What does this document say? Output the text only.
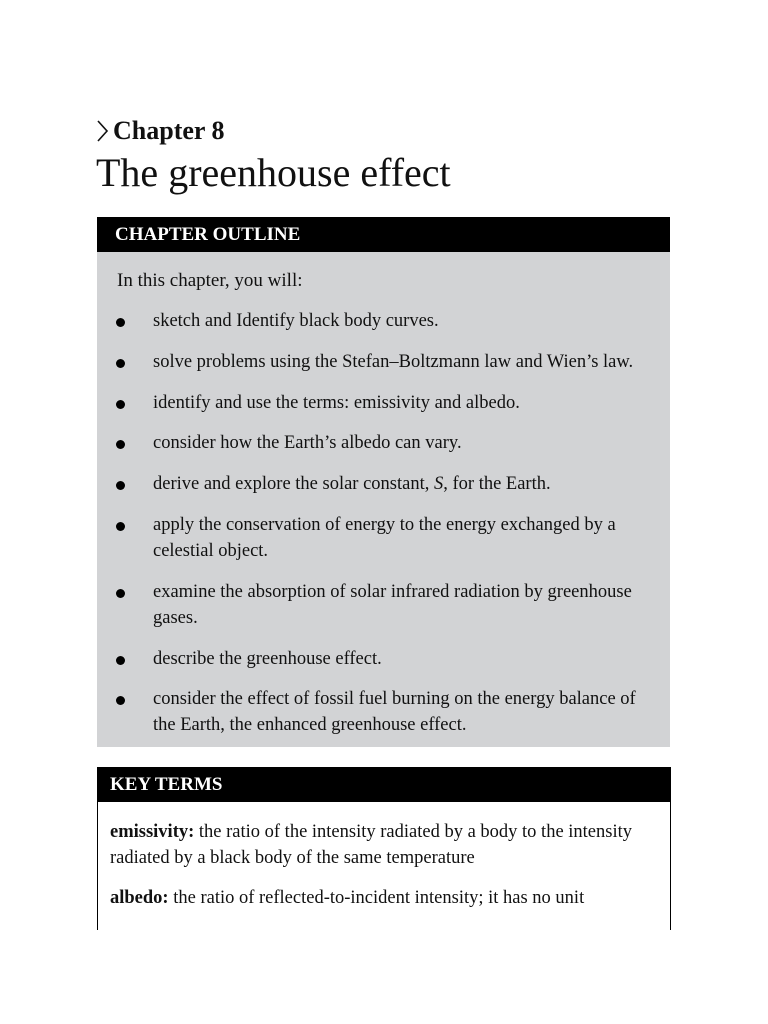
Chapter 8
The greenhouse effect
CHAPTER OUTLINE
In this chapter, you will:
sketch and Identify black body curves.
solve problems using the Stefan–Boltzmann law and Wien’s law.
identify and use the terms: emissivity and albedo.
consider how the Earth’s albedo can vary.
derive and explore the solar constant, S, for the Earth.
apply the conservation of energy to the energy exchanged by a celestial object.
examine the absorption of solar infrared radiation by greenhouse gases.
describe the greenhouse effect.
consider the effect of fossil fuel burning on the energy balance of the Earth, the enhanced greenhouse effect.
KEY TERMS

emissivity: the ratio of the intensity radiated by a body to the intensity radiated by a black body of the same temperature

albedo: the ratio of reflected-to-incident intensity; it has no unit
